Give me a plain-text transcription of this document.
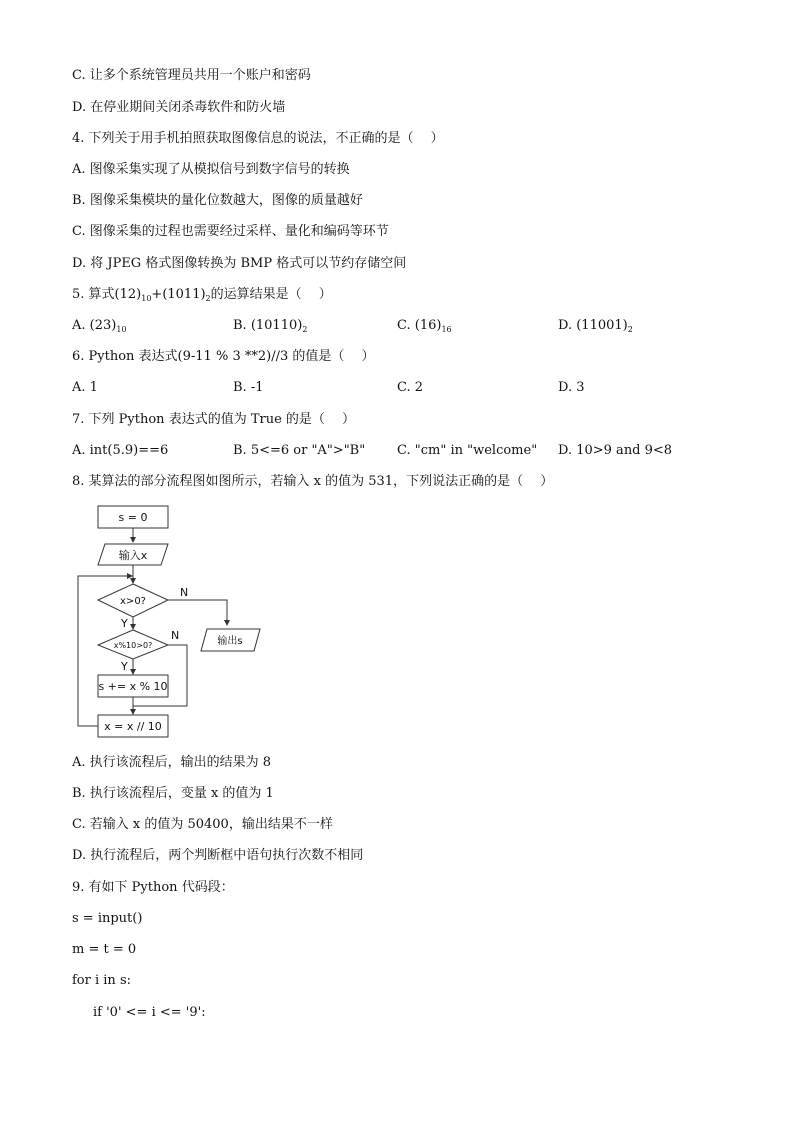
C. 让多个系统管理员共用一个账户和密码
D. 在停业期间关闭杀毒软件和防火墙
4. 下列关于用手机拍照获取图像信息的说法，不正确的是（　 ）
A. 图像采集实现了从模拟信号到数字信号的转换
B. 图像采集模块的量化位数越大，图像的质量越好
C. 图像采集的过程也需要经过采样、量化和编码等环节
D. 将 JPEG 格式图像转换为 BMP 格式可以节约存储空间
5. 算式$(12)_{10}+(1011)_2$的运算结果是（　 ）
A. $(23)_{10}$	B. $(10110)_2$	C. $(16)_{16}$	D. $(11001)_2$
6. Python 表达式(9-11 % 3 **2)//3 的值是（　 ）
A. 1	B. -1	C. 2	D. 3
7. 下列 Python 表达式的值为 True 的是（　 ）
A. int(5.9)==6	B. 5<=6 or "A">"B" C. "cm" in "welcome" D. 10>9 and 9<8
8. 某算法的部分流程图如图所示，若输入 x 的值为 531，下列说法正确的是（　 ）
s = 0
输入x
x>0?
N
Y
x%10>0?
N
Y
输出s
s += x % 10
x = x // 10
A. 执行该流程后，输出的结果为 8
B. 执行该流程后，变量 x 的值为 1
C. 若输入 x 的值为 50400，输出结果不一样
D. 执行流程后，两个判断框中语句执行次数不相同
9. 有如下 Python 代码段：
s = input()
m = t = 0
for i in s:
if '0' <= i <= '9':
